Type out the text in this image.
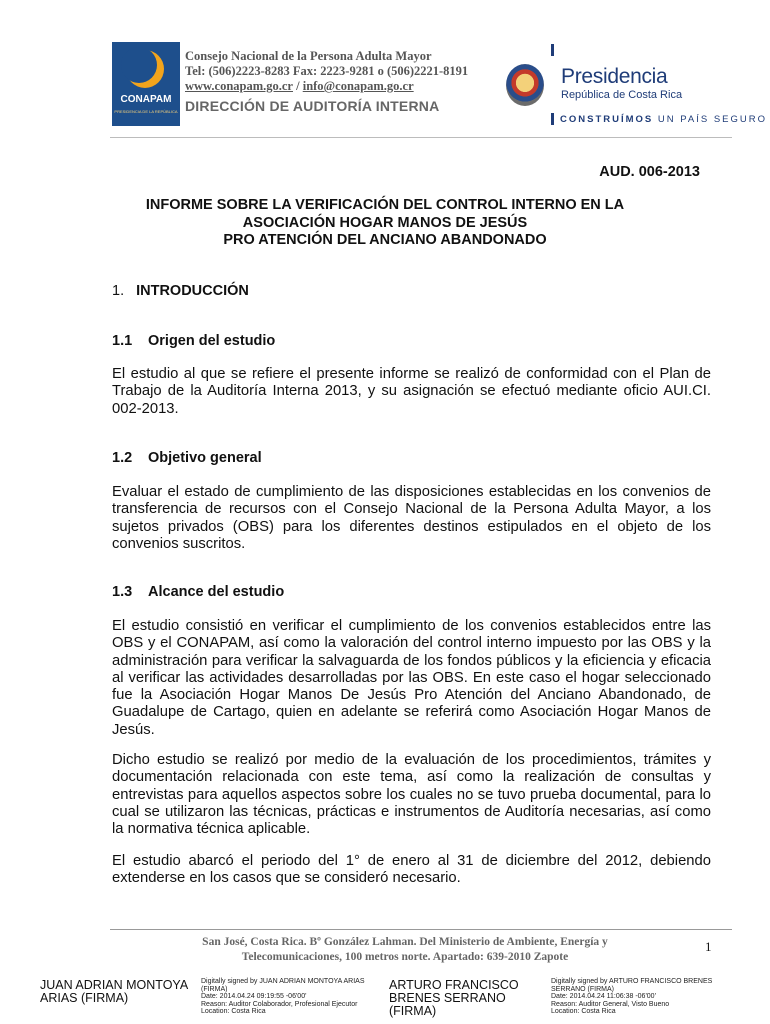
CONAPAM
PRESIDENCIA DE LA REPÚBLICA
Consejo Nacional de la Persona Adulta Mayor
Tel: (506)2223-8283 Fax: 2223-9281 o (506)2221-8191
www.conapam.go.cr / info@conapam.go.cr
DIRECCIÓN DE AUDITORÍA INTERNA
Presidencia
República de Costa Rica
CONSTRUÍMOS UN PAÍS SEGURO
AUD. 006-2013
INFORME SOBRE LA VERIFICACIÓN DEL CONTROL INTERNO EN LA
ASOCIACIÓN HOGAR MANOS DE JESÚS
PRO ATENCIÓN DEL ANCIANO ABANDONADO
1. INTRODUCCIÓN
1.1 Origen del estudio
El estudio al que se refiere el presente informe se realizó de conformidad con el Plan de Trabajo de la Auditoría Interna 2013, y su asignación se efectuó mediante oficio AUI.CI. 002-2013.
1.2 Objetivo general
Evaluar el estado de cumplimiento de las disposiciones establecidas en los convenios de transferencia de recursos con el Consejo Nacional de la Persona Adulta Mayor, a los sujetos privados (OBS) para los diferentes destinos estipulados en el objeto de los convenios suscritos.
1.3 Alcance del estudio
El estudio consistió en verificar el cumplimiento de los convenios establecidos entre las OBS y el CONAPAM, así como la valoración del control interno impuesto por las OBS y la administración para verificar la salvaguarda de los fondos públicos y la eficiencia y eficacia al verificar las actividades desarrolladas por las OBS. En este caso el hogar seleccionado fue la Asociación Hogar Manos De Jesús Pro Atención del Anciano Abandonado, de Guadalupe de Cartago, quien en adelante se referirá como Asociación Hogar Manos de Jesús.
Dicho estudio se realizó por medio de la evaluación de los procedimientos, trámites y documentación relacionada con este tema, así como la realización de consultas y entrevistas para aquellos aspectos sobre los cuales no se tuvo prueba documental, para lo cual se utilizaron las técnicas, prácticas e instrumentos de Auditoría necesarias, así como la normativa técnica aplicable.
El estudio abarcó el periodo del 1° de enero al 31 de diciembre del 2012, debiendo extenderse en los casos que se consideró necesario.
San José, Costa Rica. Bº González Lahman. Del Ministerio de Ambiente, Energía y
Telecomunicaciones, 100 metros norte. Apartado: 639-2010 Zapote
1
JUAN ADRIAN MONTOYA
ARIAS (FIRMA)
Digitally signed by JUAN ADRIAN MONTOYA ARIAS
(FIRMA)
Date: 2014.04.24 09:19:55 -06'00'
Reason: Auditor Colaborador, Profesional Ejecutor
Location: Costa Rica
ARTURO FRANCISCO
BRENES SERRANO (FIRMA)
Digitally signed by ARTURO FRANCISCO BRENES
SERRANO (FIRMA)
Date: 2014.04.24 11:06:38 -06'00'
Reason: Auditor General, Visto Bueno
Location: Costa Rica
